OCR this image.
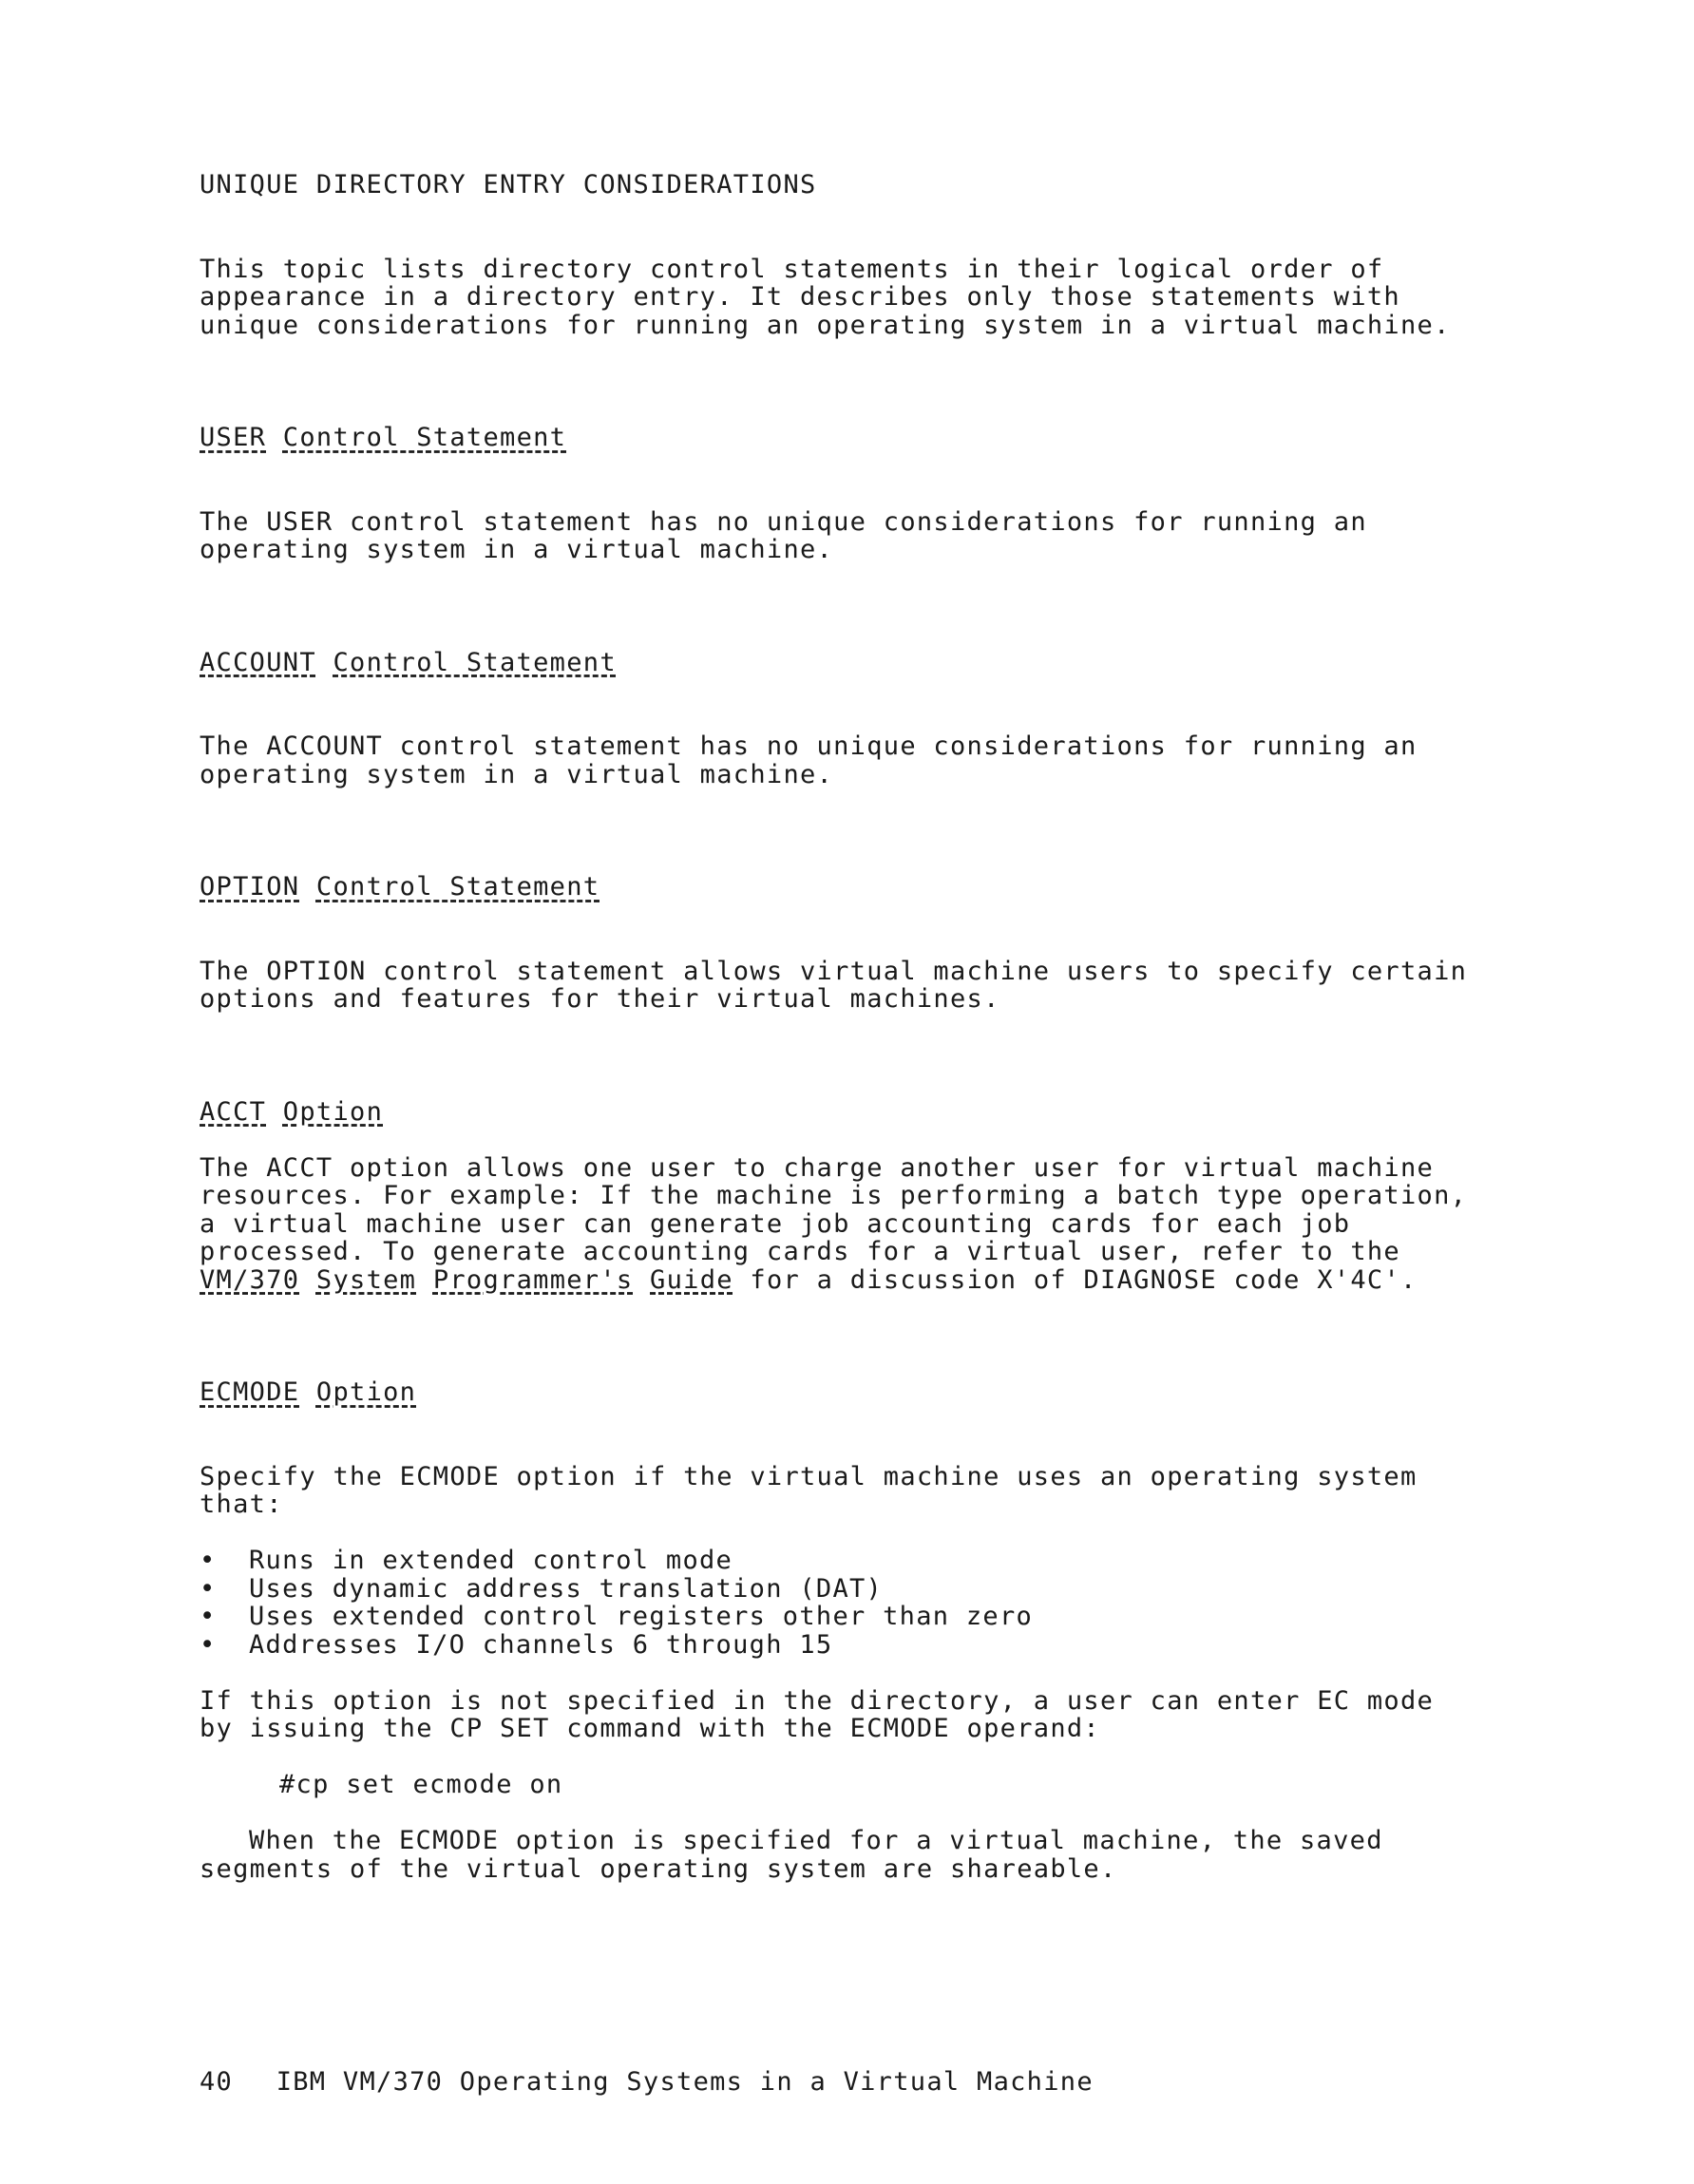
UNIQUE DIRECTORY ENTRY CONSIDERATIONS

This topic lists directory control statements in their logical order of appearance in a directory entry. It describes only those statements with unique considerations for running an operating system in a virtual machine.

USER Control Statement

The USER control statement has no unique considerations for running an operating system in a virtual machine.

ACCOUNT Control Statement

The ACCOUNT control statement has no unique considerations for running an operating system in a virtual machine.

OPTION Control Statement

The OPTION control statement allows virtual machine users to specify certain options and features for their virtual machines.

ACCT Option

The ACCT option allows one user to charge another user for virtual machine resources. For example: If the machine is performing a batch type operation, a virtual machine user can generate job accounting cards for each job processed. To generate accounting cards for a virtual user, refer to the VM/370 System Programmer's Guide for a discussion of DIAGNOSE code X'4C'.

ECMODE Option

Specify the ECMODE option if the virtual machine uses an operating system that:

• Runs in extended control mode
• Uses dynamic address translation (DAT)
• Uses extended control registers other than zero
• Addresses I/O channels 6 through 15

If this option is not specified in the directory, a user can enter EC mode by issuing the CP SET command with the ECMODE operand:

#cp set ecmode on

When the ECMODE option is specified for a virtual machine, the saved segments of the virtual operating system are shareable.

40 IBM VM/370 Operating Systems in a Virtual Machine
